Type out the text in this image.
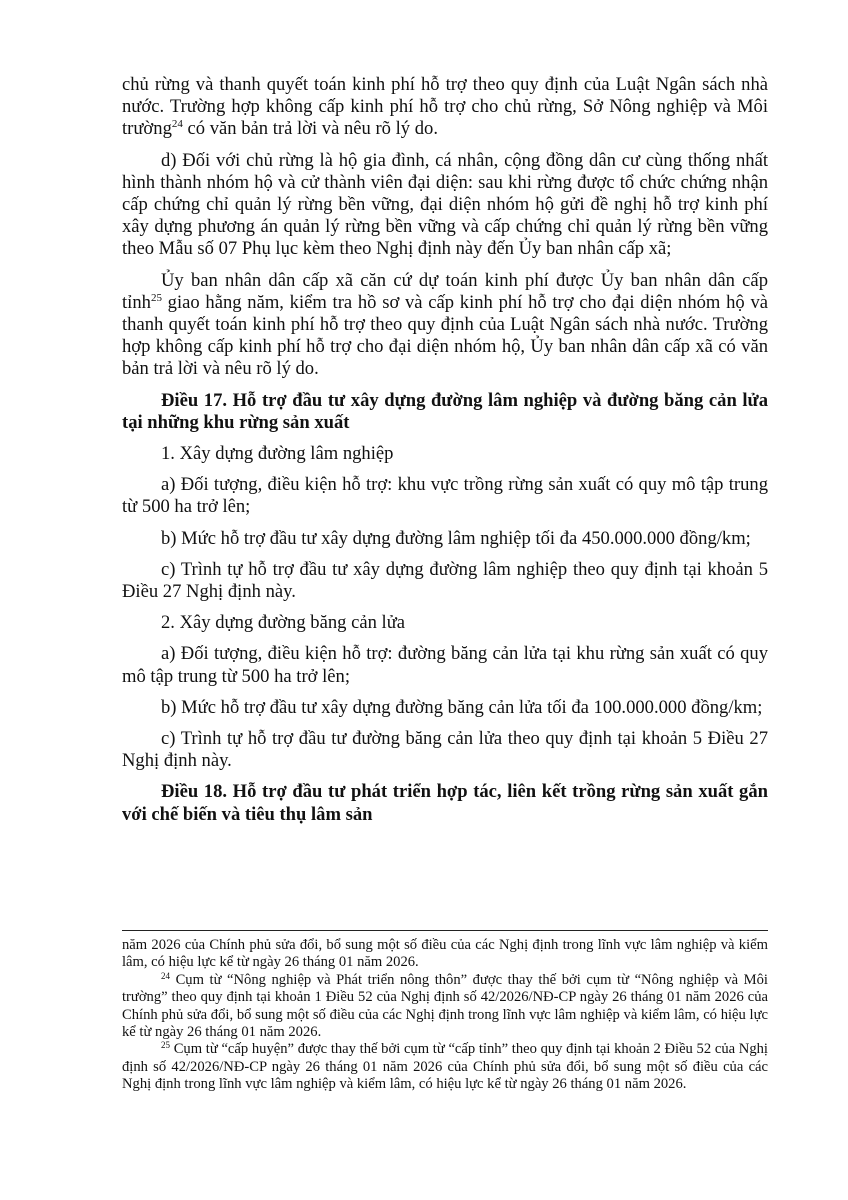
chủ rừng và thanh quyết toán kinh phí hỗ trợ theo quy định của Luật Ngân sách nhà nước. Trường hợp không cấp kinh phí hỗ trợ cho chủ rừng, Sở Nông nghiệp và Môi trường$^{24}$ có văn bản trả lời và nêu rõ lý do.

d) Đối với chủ rừng là hộ gia đình, cá nhân, cộng đồng dân cư cùng thống nhất hình thành nhóm hộ và cử thành viên đại diện: sau khi rừng được tổ chức chứng nhận cấp chứng chỉ quản lý rừng bền vững, đại diện nhóm hộ gửi đề nghị hỗ trợ kinh phí xây dựng phương án quản lý rừng bền vững và cấp chứng chỉ quản lý rừng bền vững theo Mẫu số 07 Phụ lục kèm theo Nghị định này đến Ủy ban nhân cấp xã;

Ủy ban nhân dân cấp xã căn cứ dự toán kinh phí được Ủy ban nhân dân cấp tỉnh$^{25}$ giao hằng năm, kiểm tra hồ sơ và cấp kinh phí hỗ trợ cho đại diện nhóm hộ và thanh quyết toán kinh phí hỗ trợ theo quy định của Luật Ngân sách nhà nước. Trường hợp không cấp kinh phí hỗ trợ cho đại diện nhóm hộ, Ủy ban nhân dân cấp xã có văn bản trả lời và nêu rõ lý do.

Điều 17. Hỗ trợ đầu tư xây dựng đường lâm nghiệp và đường băng cản lửa tại những khu rừng sản xuất

1. Xây dựng đường lâm nghiệp

a) Đối tượng, điều kiện hỗ trợ: khu vực trồng rừng sản xuất có quy mô tập trung từ 500 ha trở lên;

b) Mức hỗ trợ đầu tư xây dựng đường lâm nghiệp tối đa 450.000.000 đồng/km;

c) Trình tự hỗ trợ đầu tư xây dựng đường lâm nghiệp theo quy định tại khoản 5 Điều 27 Nghị định này.

2. Xây dựng đường băng cản lửa

a) Đối tượng, điều kiện hỗ trợ: đường băng cản lửa tại khu rừng sản xuất có quy mô tập trung từ 500 ha trở lên;

b) Mức hỗ trợ đầu tư xây dựng đường băng cản lửa tối đa 100.000.000 đồng/km;

c) Trình tự hỗ trợ đầu tư đường băng cản lửa theo quy định tại khoản 5 Điều 27 Nghị định này.

Điều 18. Hỗ trợ đầu tư phát triển hợp tác, liên kết trồng rừng sản xuất gắn với chế biến và tiêu thụ lâm sản

năm 2026 của Chính phủ sửa đổi, bổ sung một số điều của các Nghị định trong lĩnh vực lâm nghiệp và kiểm lâm, có hiệu lực kể từ ngày 26 tháng 01 năm 2026.

$^{24}$ Cụm từ “Nông nghiệp và Phát triển nông thôn” được thay thế bởi cụm từ “Nông nghiệp và Môi trường” theo quy định tại khoản 1 Điều 52 của Nghị định số 42/2026/NĐ-CP ngày 26 tháng 01 năm 2026 của Chính phủ sửa đổi, bổ sung một số điều của các Nghị định trong lĩnh vực lâm nghiệp và kiểm lâm, có hiệu lực kể từ ngày 26 tháng 01 năm 2026.

$^{25}$ Cụm từ “cấp huyện” được thay thế bởi cụm từ “cấp tỉnh” theo quy định tại khoản 2 Điều 52 của Nghị định số 42/2026/NĐ-CP ngày 26 tháng 01 năm 2026 của Chính phủ sửa đổi, bổ sung một số điều của các Nghị định trong lĩnh vực lâm nghiệp và kiểm lâm, có hiệu lực kể từ ngày 26 tháng 01 năm 2026.
